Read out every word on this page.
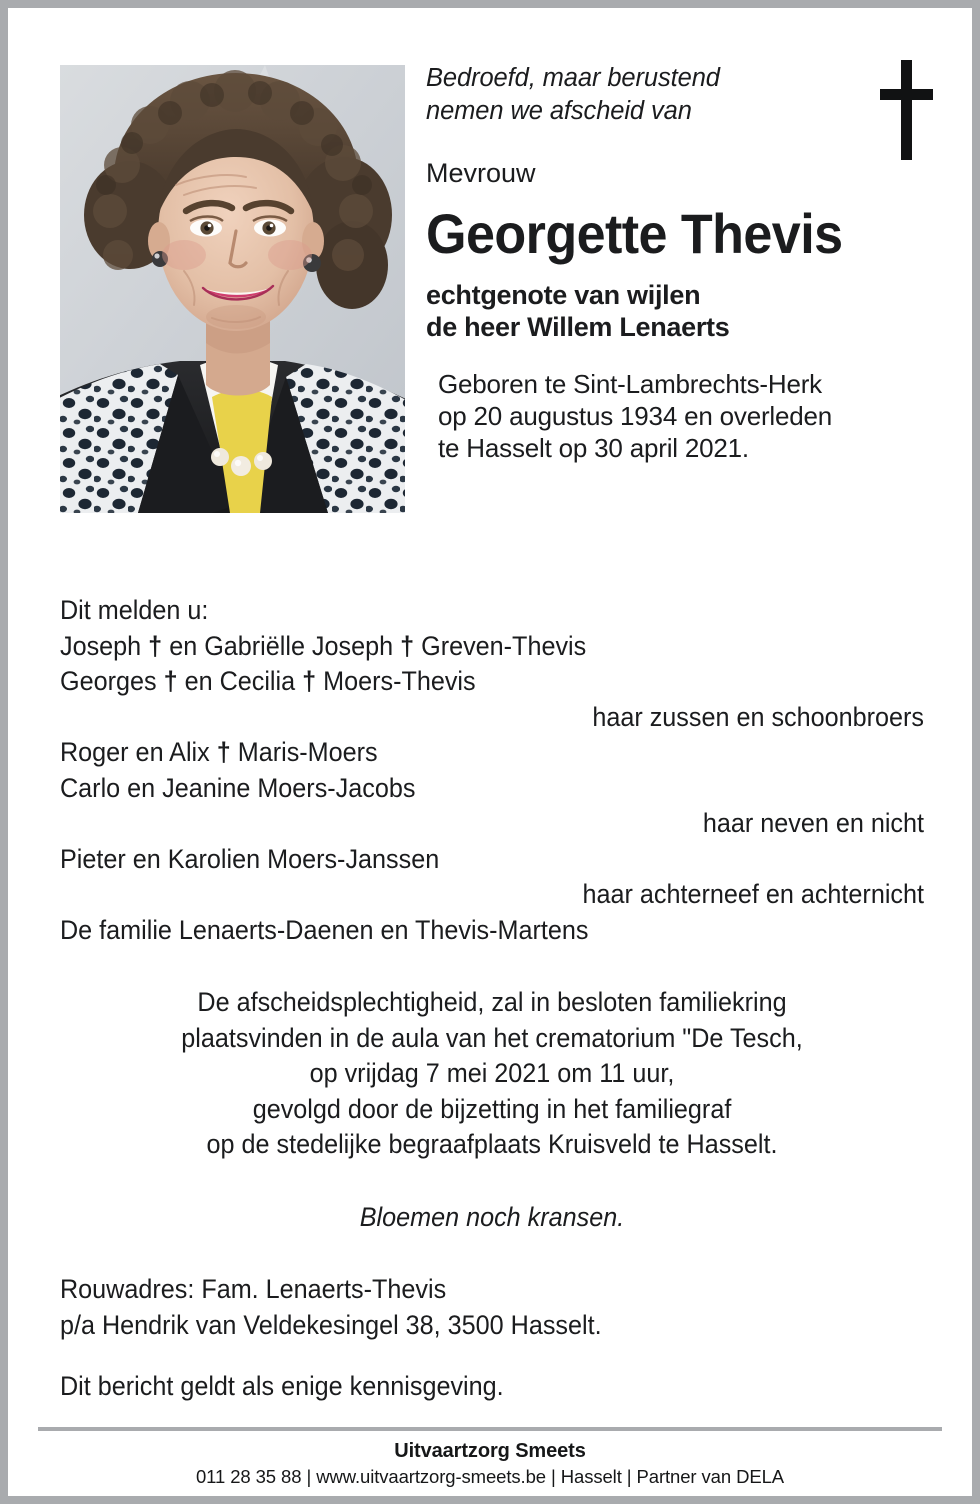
Bedroefd, maar berustend
nemen we afscheid van
Mevrouw
Georgette Thevis
echtgenote van wijlen
de heer Willem Lenaerts
Geboren te Sint-Lambrechts-Herk
op 20 augustus 1934 en overleden
te Hasselt op 30 april 2021.
Dit melden u:
Joseph † en Gabriëlle Joseph † Greven-Thevis
Georges † en Cecilia † Moers-Thevis
haar zussen en schoonbroers
Roger en Alix † Maris-Moers
Carlo en Jeanine Moers-Jacobs
haar neven en nicht
Pieter en Karolien Moers-Janssen
haar achterneef en achternicht
De familie Lenaerts-Daenen en Thevis-Martens
De afscheidsplechtigheid, zal in besloten familiekring
plaatsvinden in de aula van het crematorium "De Tesch,
op vrijdag 7 mei 2021 om 11 uur,
gevolgd door de bijzetting in het familiegraf
op de stedelijke begraafplaats Kruisveld te Hasselt.
Bloemen noch kransen.
Rouwadres: Fam. Lenaerts-Thevis
p/a Hendrik van Veldekesingel 38, 3500 Hasselt.
Dit bericht geldt als enige kennisgeving.
Uitvaartzorg Smeets
011 28 35 88 | www.uitvaartzorg-smeets.be | Hasselt | Partner van DELA
